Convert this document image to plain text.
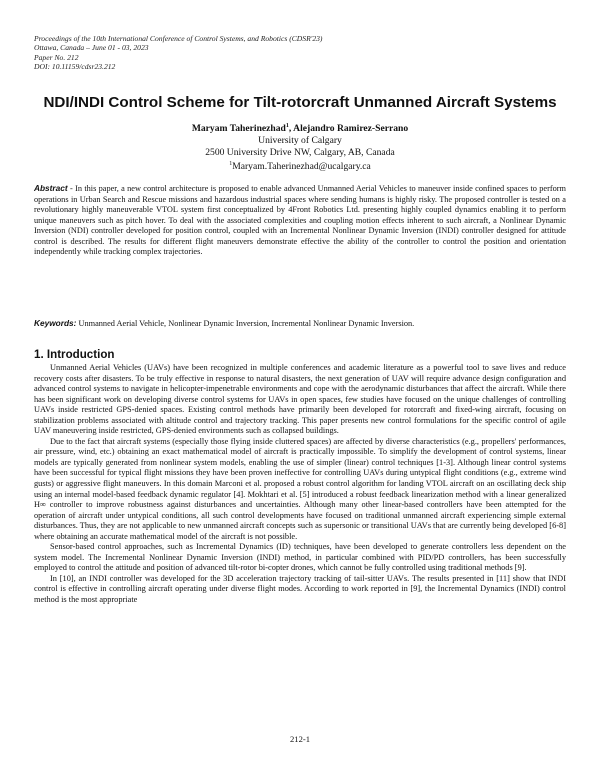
Proceedings of the 10th International Conference of Control Systems, and Robotics (CDSR'23)
Ottawa, Canada – June 01 - 03, 2023
Paper No. 212
DOI: 10.11159/cdsr23.212
NDI/INDI Control Scheme for Tilt-rotorcraft Unmanned Aircraft Systems
Maryam Taherinezhad$^1$, Alejandro Ramirez-Serrano
University of Calgary
2500 University Drive NW, Calgary, AB, Canada
$^1$Maryam.Taherinezhad@ucalgary.ca
Abstract - In this paper, a new control architecture is proposed to enable advanced Unmanned Aerial Vehicles to maneuver inside confined spaces to perform operations in Urban Search and Rescue missions and hazardous industrial spaces where sending humans is highly risky. The proposed controller is tested on a revolutionary highly maneuverable VTOL system first conceptualized by 4Front Robotics Ltd. presenting highly coupled dynamics enabling it to perform unique maneuvers such as pitch hover. To deal with the associated complexities and coupling motion effects inherent to such aircraft, a Nonlinear Dynamic Inversion (NDI) controller developed for position control, coupled with an Incremental Nonlinear Dynamic Inversion (INDI) controller designed for attitude control is described. The results for different flight maneuvers demonstrate effective the ability of the controller to control the position and orientation independently while tracking complex trajectories.
Keywords: Unmanned Aerial Vehicle, Nonlinear Dynamic Inversion, Incremental Nonlinear Dynamic Inversion.
1. Introduction

Unmanned Aerial Vehicles (UAVs) have been recognized in multiple conferences and academic literature as a powerful tool to save lives and reduce recovery costs after disasters. To be truly effective in response to natural disasters, the next generation of UAV will require advance design configuration and advanced control systems to navigate in helicopter-impenetrable environments and cope with the aerodynamic disturbances that affect the aircraft. While there has been significant work on developing diverse control systems for UAVs in open spaces, few studies have focused on the unique challenges of controlling UAVs inside restricted GPS-denied spaces. Existing control methods have primarily been developed for rotorcraft and fixed-wing aircraft, focusing on stabilization problems associated with altitude control and trajectory tracking. This paper presents new control formulations for the specific control of agile UAV maneuvering inside restricted, GPS-denied environments such as collapsed buildings.

Due to the fact that aircraft systems (especially those flying inside cluttered spaces) are affected by diverse characteristics (e.g., propellers' performances, air pressure, wind, etc.) obtaining an exact mathematical model of aircraft is practically impossible. To simplify the development of control systems, linear models are typically generated from nonlinear system models, enabling the use of simpler (linear) control techniques [1-3]. Although linear control systems have been successful for typical flight missions they have been proven ineffective for controlling UAVs during untypical flight conditions (e.g., extreme wind gusts) or aggressive flight maneuvers. In this domain Marconi et al. proposed a robust control algorithm for landing VTOL aircraft on an oscillating deck ship using an internal model-based feedback dynamic regulator [4]. Mokhtari et al. [5] introduced a robust feedback linearization method with a linear generalized H∞ controller to improve robustness against disturbances and uncertainties. Although many other linear-based controllers have been attempted for the operation of aircraft under untypical conditions, all such control developments have focused on traditional unmanned aircraft experiencing simple external disturbances. Thus, they are not applicable to new unmanned aircraft concepts such as supersonic or transitional UAVs that are currently being developed [6-8] where obtaining an accurate mathematical model of the aircraft is not possible.

Sensor-based control approaches, such as Incremental Dynamics (ID) techniques, have been developed to generate controllers less dependent on the system model. The Incremental Nonlinear Dynamic Inversion (INDI) method, in particular combined with PID/PD controllers, has been successfully employed to control the attitude and position of advanced tilt-rotor bi-copter drones, which cannot be fully controlled using traditional methods [9].

In [10], an INDI controller was developed for the 3D acceleration trajectory tracking of tail-sitter UAVs. The results presented in [11] show that INDI control is effective in controlling aircraft operating under diverse flight modes. According to work reported in [9], the Incremental Dynamics (INDI) control method is the most appropriate

212-1
